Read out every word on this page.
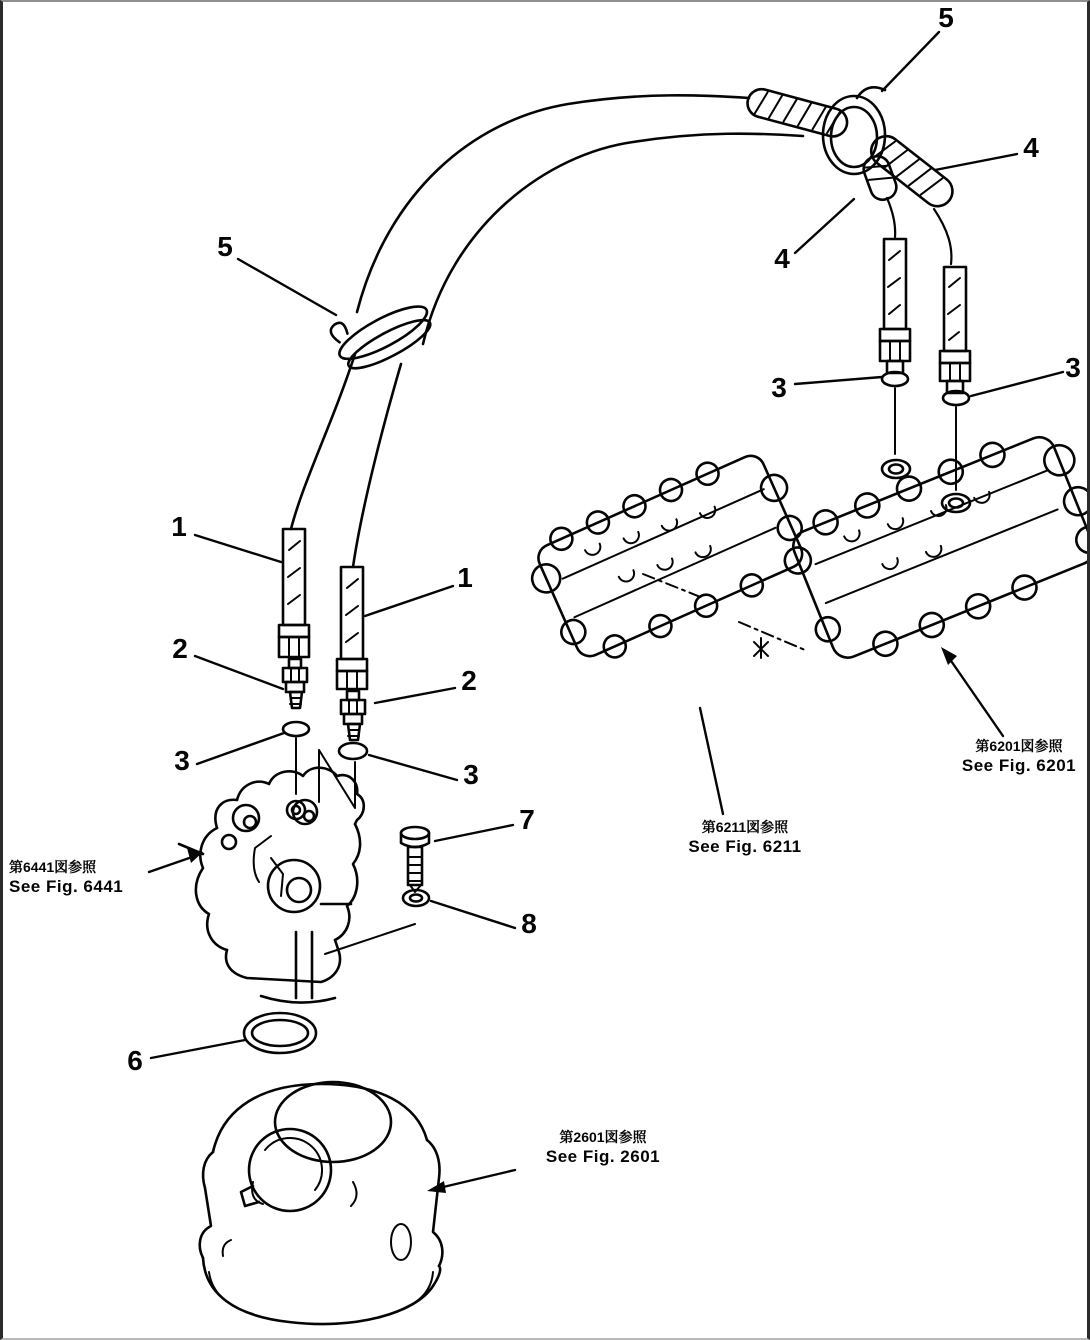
5
4
4
5
1
1
2
2
3	3
3
3
7
8
6
第6441図参照
See Fig. 6441
第6211図参照
See Fig. 6211
第6201図参照
See Fig. 6201
第2601図参照
See Fig. 2601
